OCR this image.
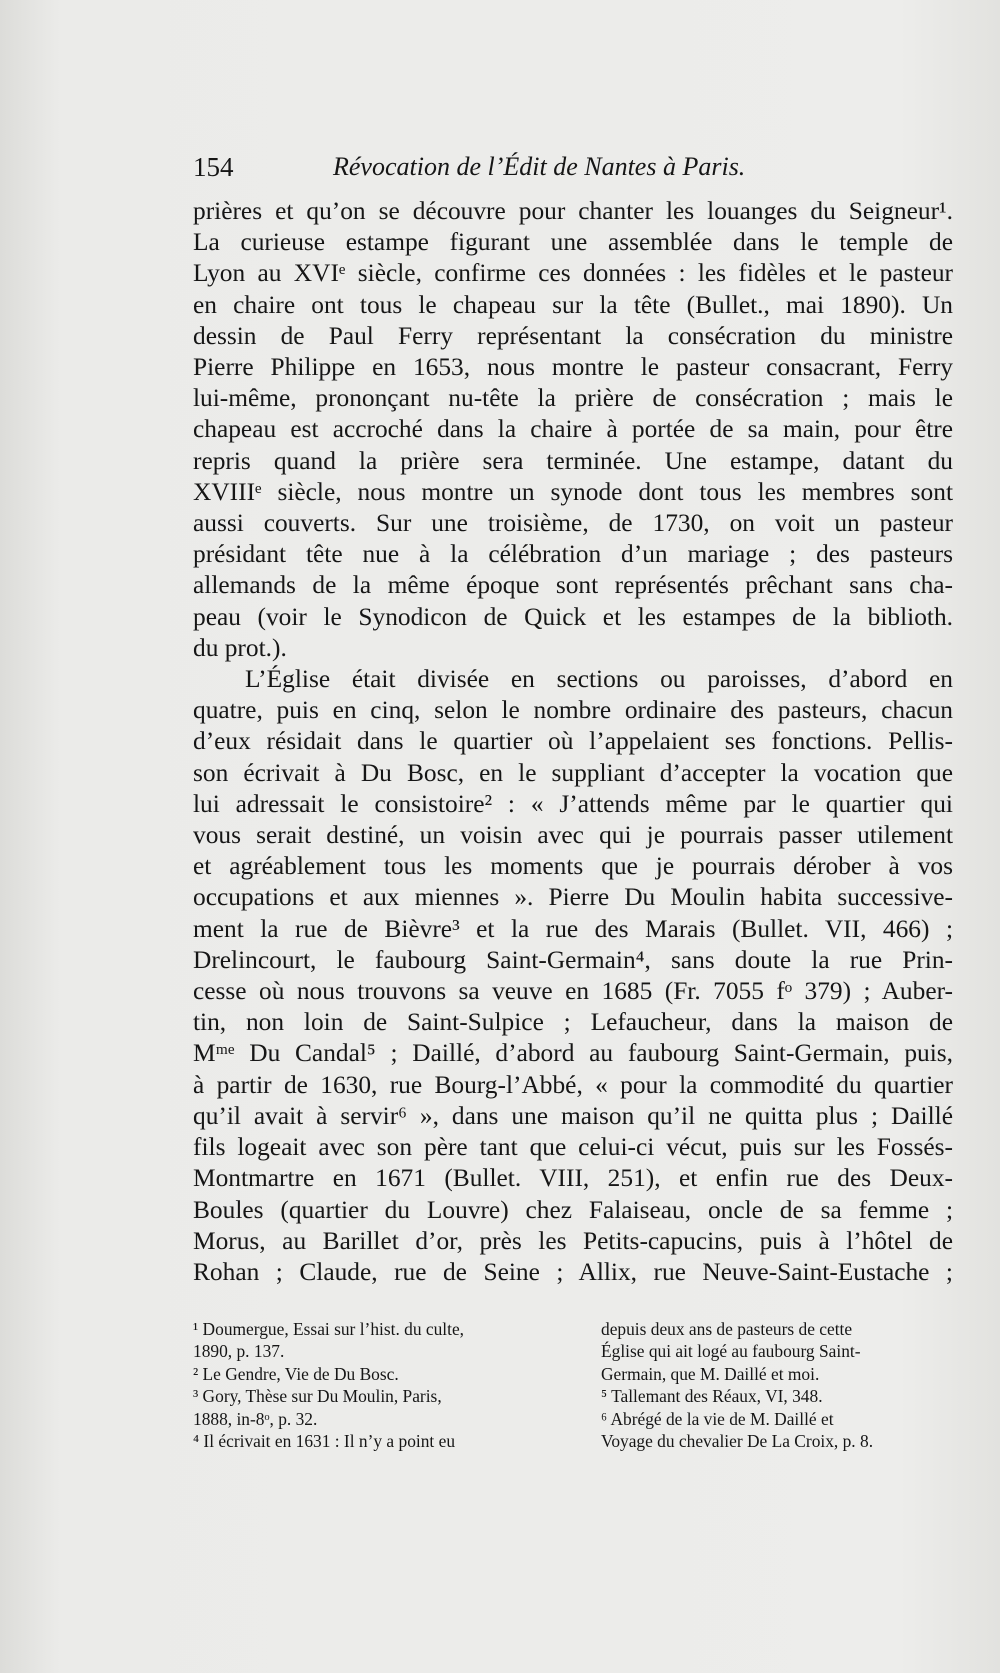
154	Révocation de l’Édit de Nantes à Paris.
prières et qu’on se découvre pour chanter les louanges du Seigneur¹.
La curieuse estampe figurant une assemblée dans le temple de
Lyon au XVIᵉ siècle, confirme ces données : les fidèles et le pasteur
en chaire ont tous le chapeau sur la tête (Bullet., mai 1890). Un
dessin de Paul Ferry représentant la consécration du ministre
Pierre Philippe en 1653, nous montre le pasteur consacrant, Ferry
lui-même, prononçant nu-tête la prière de consécration ; mais le
chapeau est accroché dans la chaire à portée de sa main, pour être
repris quand la prière sera terminée. Une estampe, datant du
XVIIIᵉ siècle, nous montre un synode dont tous les membres sont
aussi couverts. Sur une troisième, de 1730, on voit un pasteur
présidant tête nue à la célébration d’un mariage ; des pasteurs
allemands de la même époque sont représentés prêchant sans cha-
peau (voir le Synodicon de Quick et les estampes de la biblioth.
du prot.).
L’Église était divisée en sections ou paroisses, d’abord en
quatre, puis en cinq, selon le nombre ordinaire des pasteurs, chacun
d’eux résidait dans le quartier où l’appelaient ses fonctions. Pellis-
son écrivait à Du Bosc, en le suppliant d’accepter la vocation que
lui adressait le consistoire² : « J’attends même par le quartier qui
vous serait destiné, un voisin avec qui je pourrais passer utilement
et agréablement tous les moments que je pourrais dérober à vos
occupations et aux miennes ». Pierre Du Moulin habita successive-
ment la rue de Bièvre³ et la rue des Marais (Bullet. VII, 466) ;
Drelincourt, le faubourg Saint-Germain⁴, sans doute la rue Prin-
cesse où nous trouvons sa veuve en 1685 (Fr. 7055 fᵒ 379) ; Auber-
tin, non loin de Saint-Sulpice ; Lefaucheur, dans la maison de
Mᵐᵉ Du Candal⁵ ; Daillé, d’abord au faubourg Saint-Germain, puis,
à partir de 1630, rue Bourg-l’Abbé, « pour la commodité du quartier
qu’il avait à servir⁶ », dans une maison qu’il ne quitta plus ; Daillé
fils logeait avec son père tant que celui-ci vécut, puis sur les Fossés-
Montmartre en 1671 (Bullet. VIII, 251), et enfin rue des Deux-
Boules (quartier du Louvre) chez Falaiseau, oncle de sa femme ;
Morus, au Barillet d’or, près les Petits-capucins, puis à l’hôtel de
Rohan ; Claude, rue de Seine ; Allix, rue Neuve-Saint-Eustache ;
¹ Doumergue, Essai sur l’hist. du culte,
1890, p. 137.
² Le Gendre, Vie de Du Bosc.
³ Gory, Thèse sur Du Moulin, Paris,
1888, in-8ᵒ, p. 32.
⁴ Il écrivait en 1631 : Il n’y a point eu
depuis deux ans de pasteurs de cette
Église qui ait logé au faubourg Saint-
Germain, que M. Daillé et moi.
⁵ Tallemant des Réaux, VI, 348.
⁶ Abrégé de la vie de M. Daillé et
Voyage du chevalier De La Croix, p. 8.
